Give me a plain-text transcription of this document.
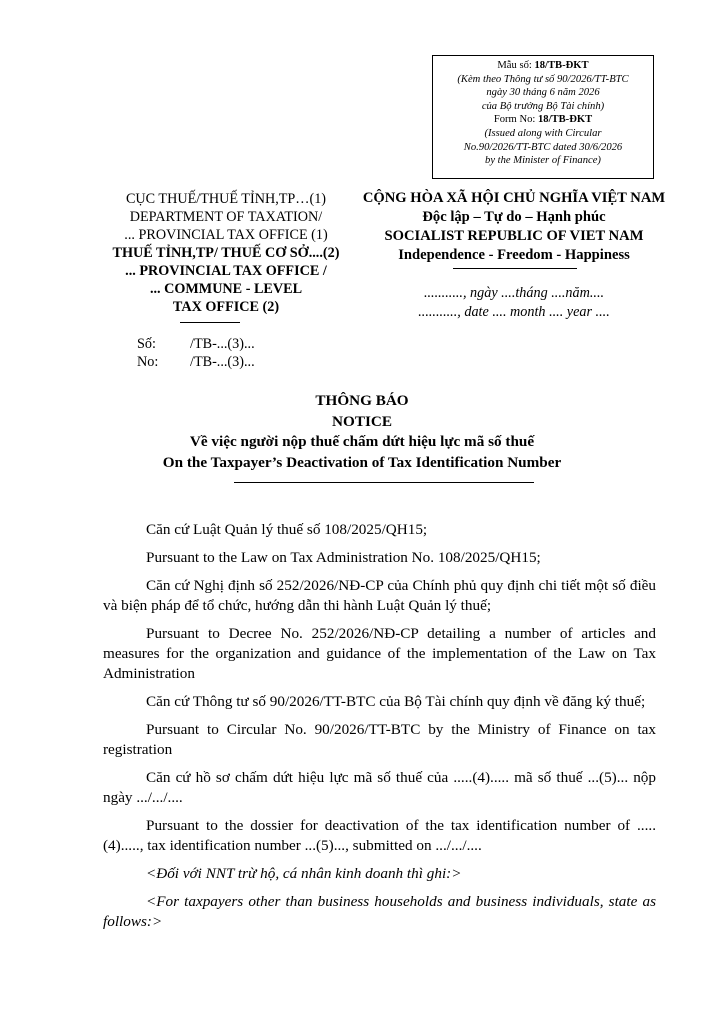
Mẫu số: 18/TB-ĐKT
(Kèm theo Thông tư số 90/2026/TT-BTC
ngày 30 tháng 6 năm 2026
của Bộ trưởng Bộ Tài chính)
Form No: 18/TB-ĐKT
(Issued along with Circular
No.90/2026/TT-BTC dated 30/6/2026
by the Minister of Finance)
CỤC THUẾ/THUẾ TỈNH,TP…(1)
DEPARTMENT OF TAXATION/
... PROVINCIAL TAX OFFICE (1)
THUẾ TỈNH,TP/ THUẾ CƠ SỞ....(2)
... PROVINCIAL TAX OFFICE /
... COMMUNE - LEVEL
TAX OFFICE (2)
Số:	/TB-...(3)...
No:	/TB-...(3)...
CỘNG HÒA XÃ HỘI CHỦ NGHĨA VIỆT NAM
Độc lập – Tự do – Hạnh phúc
SOCIALIST REPUBLIC OF VIET NAM
Independence - Freedom - Happiness
..........., ngày ....tháng ....năm....
..........., date .... month .... year ....
THÔNG BÁO
NOTICE
Về việc người nộp thuế chấm dứt hiệu lực mã số thuế
On the Taxpayer’s Deactivation of Tax Identification Number

Căn cứ Luật Quản lý thuế số 108/2025/QH15;

Pursuant to the Law on Tax Administration No. 108/2025/QH15;

Căn cứ Nghị định số 252/2026/NĐ-CP của Chính phủ quy định chi tiết một số điều và biện pháp để tổ chức, hướng dẫn thi hành Luật Quản lý thuế;

Pursuant to Decree No. 252/2026/NĐ-CP detailing a number of articles and measures for the organization and guidance of the implementation of the Law on Tax Administration

Căn cứ Thông tư số 90/2026/TT-BTC của Bộ Tài chính quy định về đăng ký thuế;

Pursuant to Circular No. 90/2026/TT-BTC by the Ministry of Finance on tax registration

Căn cứ hồ sơ chấm dứt hiệu lực mã số thuế của .....(4)..... mã số thuế ...(5)... nộp ngày .../.../....

Pursuant to the dossier for deactivation of the tax identification number of .....(4)....., tax identification number ...(5)..., submitted on .../.../....

<Đối với NNT trừ hộ, cá nhân kinh doanh thì ghi:>

<For taxpayers other than business households and business individuals, state as follows:>
